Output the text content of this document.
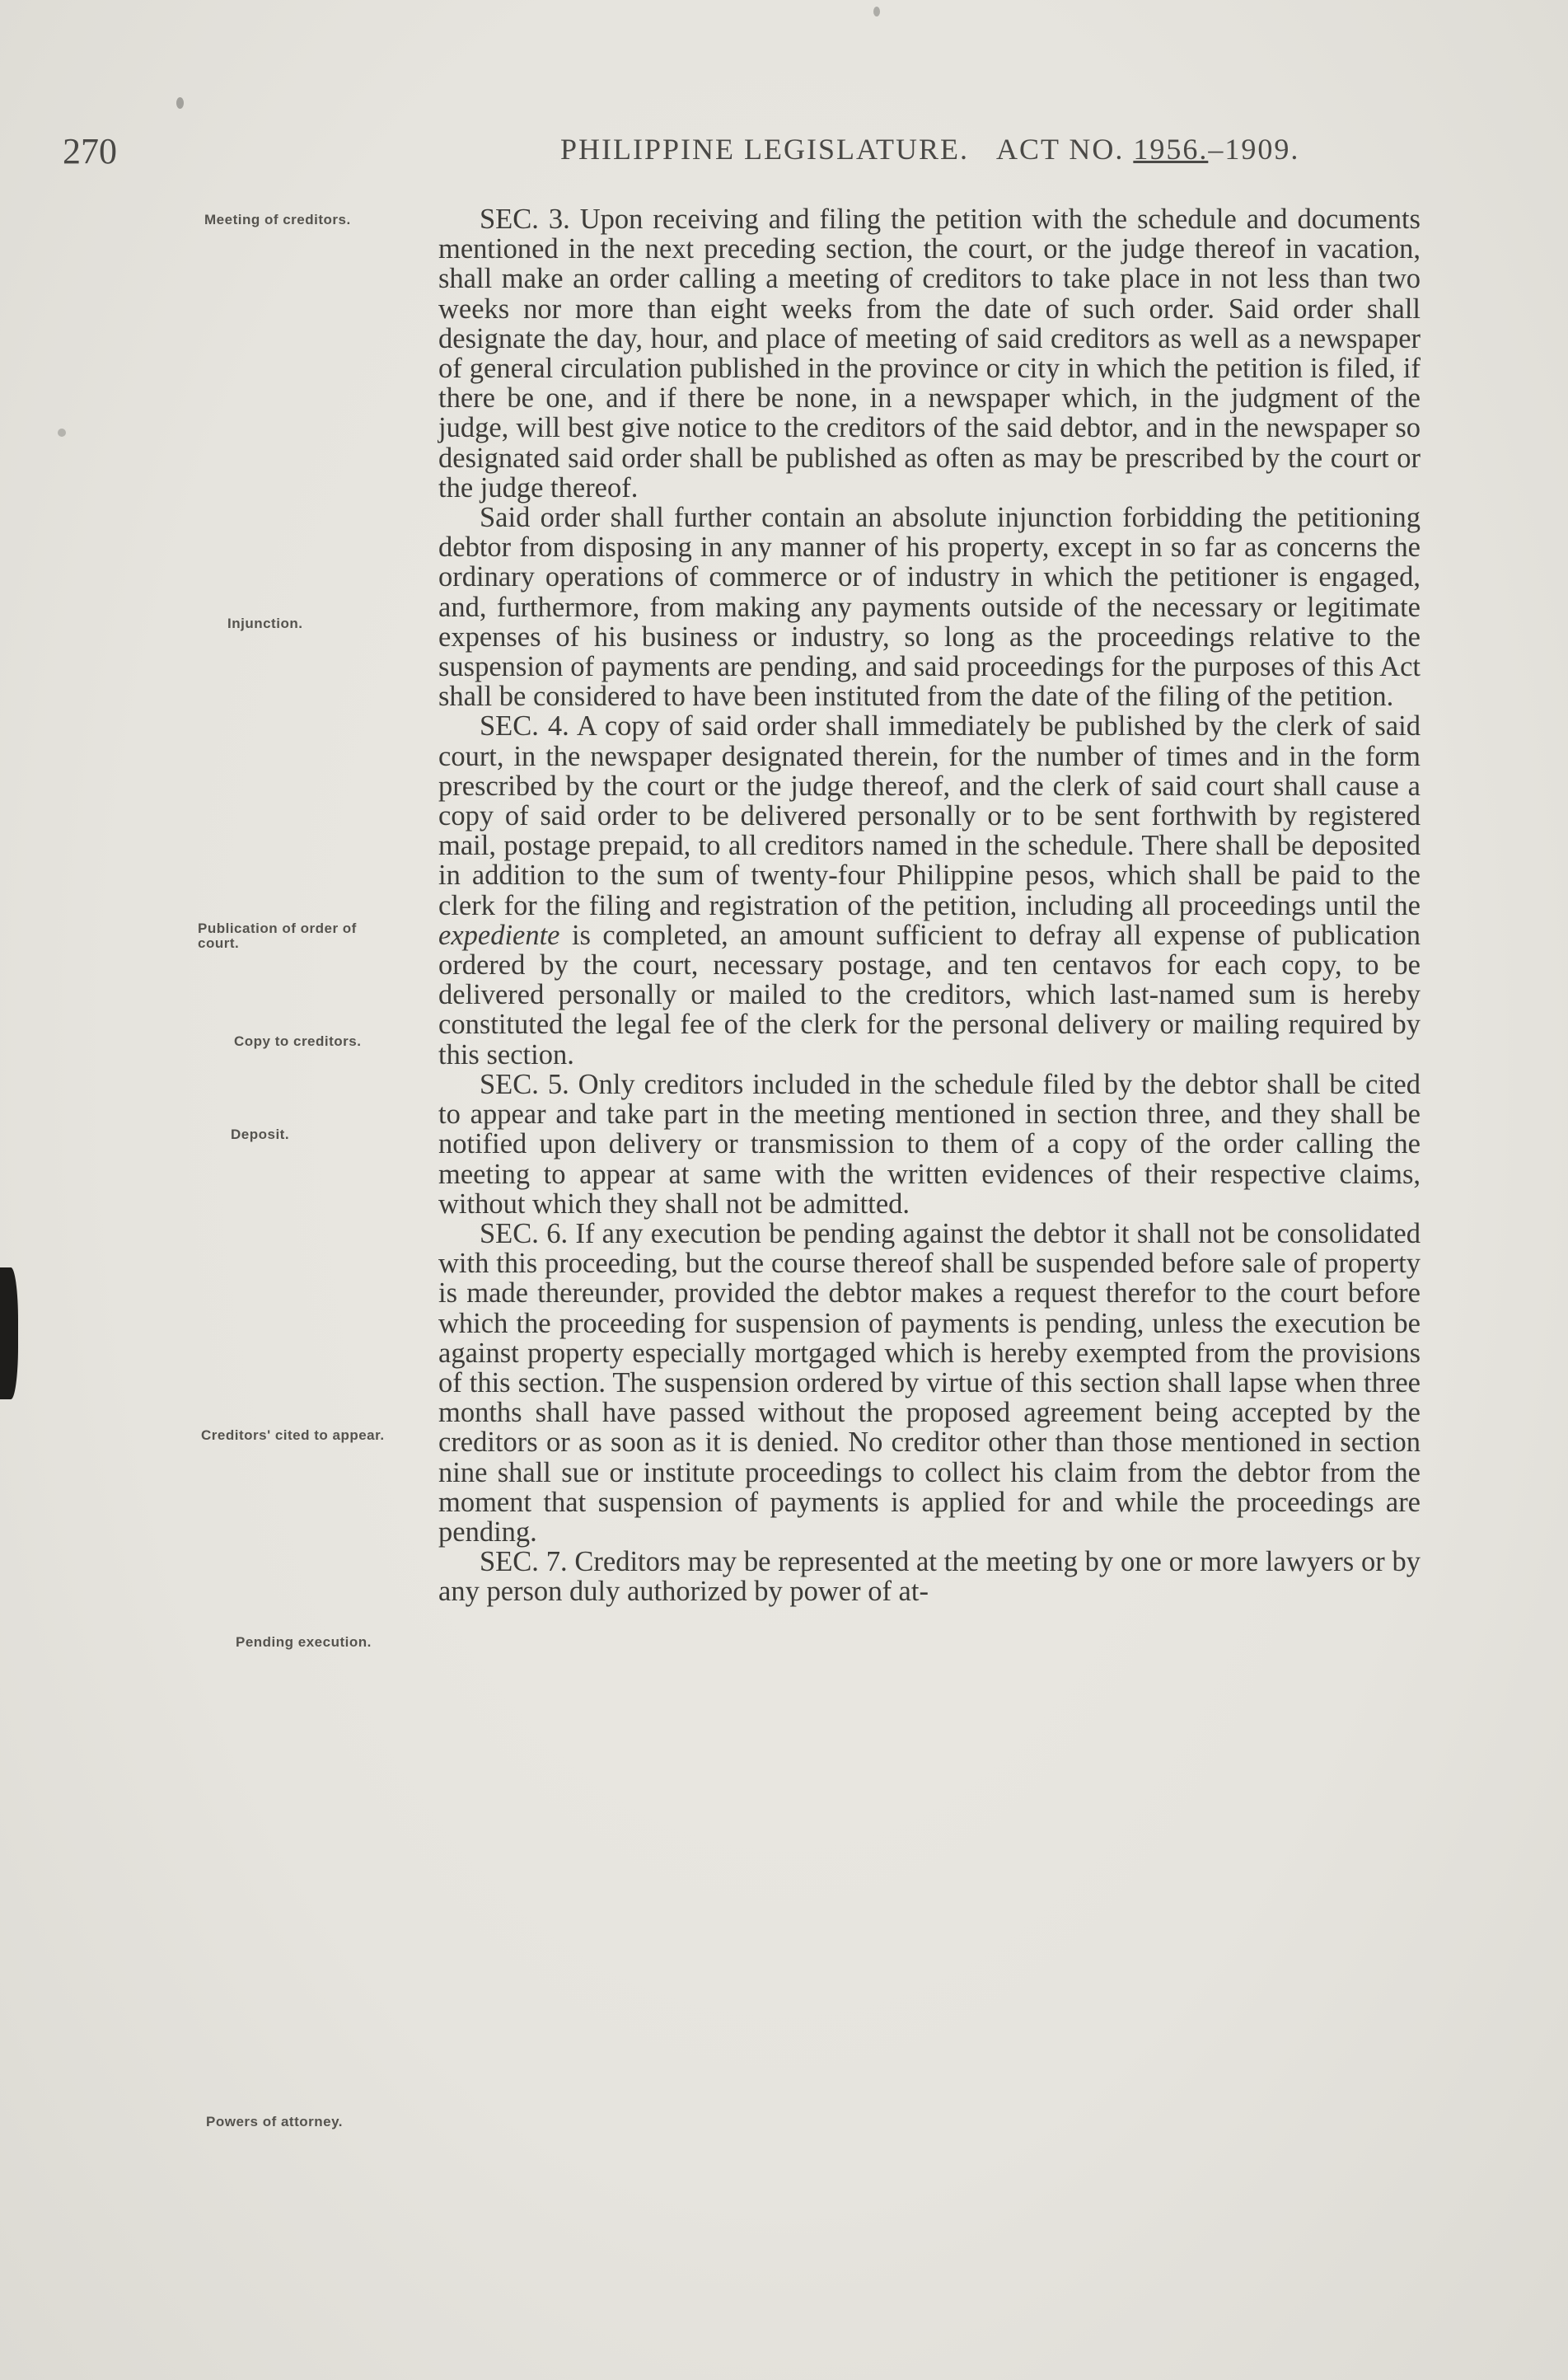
270	PHILIPPINE LEGISLATURE. ACT NO. 1956.–1909.
Meeting of creditors.
Injunction.
Publication of order of court.
Copy to creditors.
Deposit.
Creditors' cited to appear.
Pending execution.
Powers of attorney.

SEC. 3. Upon receiving and filing the petition with the schedule and documents mentioned in the next preceding section, the court, or the judge thereof in vacation, shall make an order calling a meeting of creditors to take place in not less than two weeks nor more than eight weeks from the date of such order. Said order shall designate the day, hour, and place of meeting of said creditors as well as a newspaper of general circulation published in the province or city in which the petition is filed, if there be one, and if there be none, in a newspaper which, in the judgment of the judge, will best give notice to the creditors of the said debtor, and in the newspaper so designated said order shall be published as often as may be prescribed by the court or the judge thereof.

Said order shall further contain an absolute injunction forbidding the petitioning debtor from disposing in any manner of his property, except in so far as concerns the ordinary operations of commerce or of industry in which the petitioner is engaged, and, furthermore, from making any payments outside of the necessary or legitimate expenses of his business or industry, so long as the proceedings relative to the suspension of payments are pending, and said proceedings for the purposes of this Act shall be considered to have been instituted from the date of the filing of the petition.

SEC. 4. A copy of said order shall immediately be published by the clerk of said court, in the newspaper designated therein, for the number of times and in the form prescribed by the court or the judge thereof, and the clerk of said court shall cause a copy of said order to be delivered personally or to be sent forthwith by registered mail, postage prepaid, to all creditors named in the schedule. There shall be deposited in addition to the sum of twenty-four Philippine pesos, which shall be paid to the clerk for the filing and registration of the petition, including all proceedings until the expediente is completed, an amount sufficient to defray all expense of publication ordered by the court, necessary postage, and ten centavos for each copy, to be delivered personally or mailed to the creditors, which last-named sum is hereby constituted the legal fee of the clerk for the personal delivery or mailing required by this section.

SEC. 5. Only creditors included in the schedule filed by the debtor shall be cited to appear and take part in the meeting mentioned in section three, and they shall be notified upon delivery or transmission to them of a copy of the order calling the meeting to appear at same with the written evidences of their respective claims, without which they shall not be admitted.

SEC. 6. If any execution be pending against the debtor it shall not be consolidated with this proceeding, but the course thereof shall be suspended before sale of property is made thereunder, provided the debtor makes a request therefor to the court before which the proceeding for suspension of payments is pending, unless the execution be against property especially mortgaged which is hereby exempted from the provisions of this section. The suspension ordered by virtue of this section shall lapse when three months shall have passed without the proposed agreement being accepted by the creditors or as soon as it is denied. No creditor other than those mentioned in section nine shall sue or institute proceedings to collect his claim from the debtor from the moment that suspension of payments is applied for and while the proceedings are pending.

SEC. 7. Creditors may be represented at the meeting by one or more lawyers or by any person duly authorized by power of at-
